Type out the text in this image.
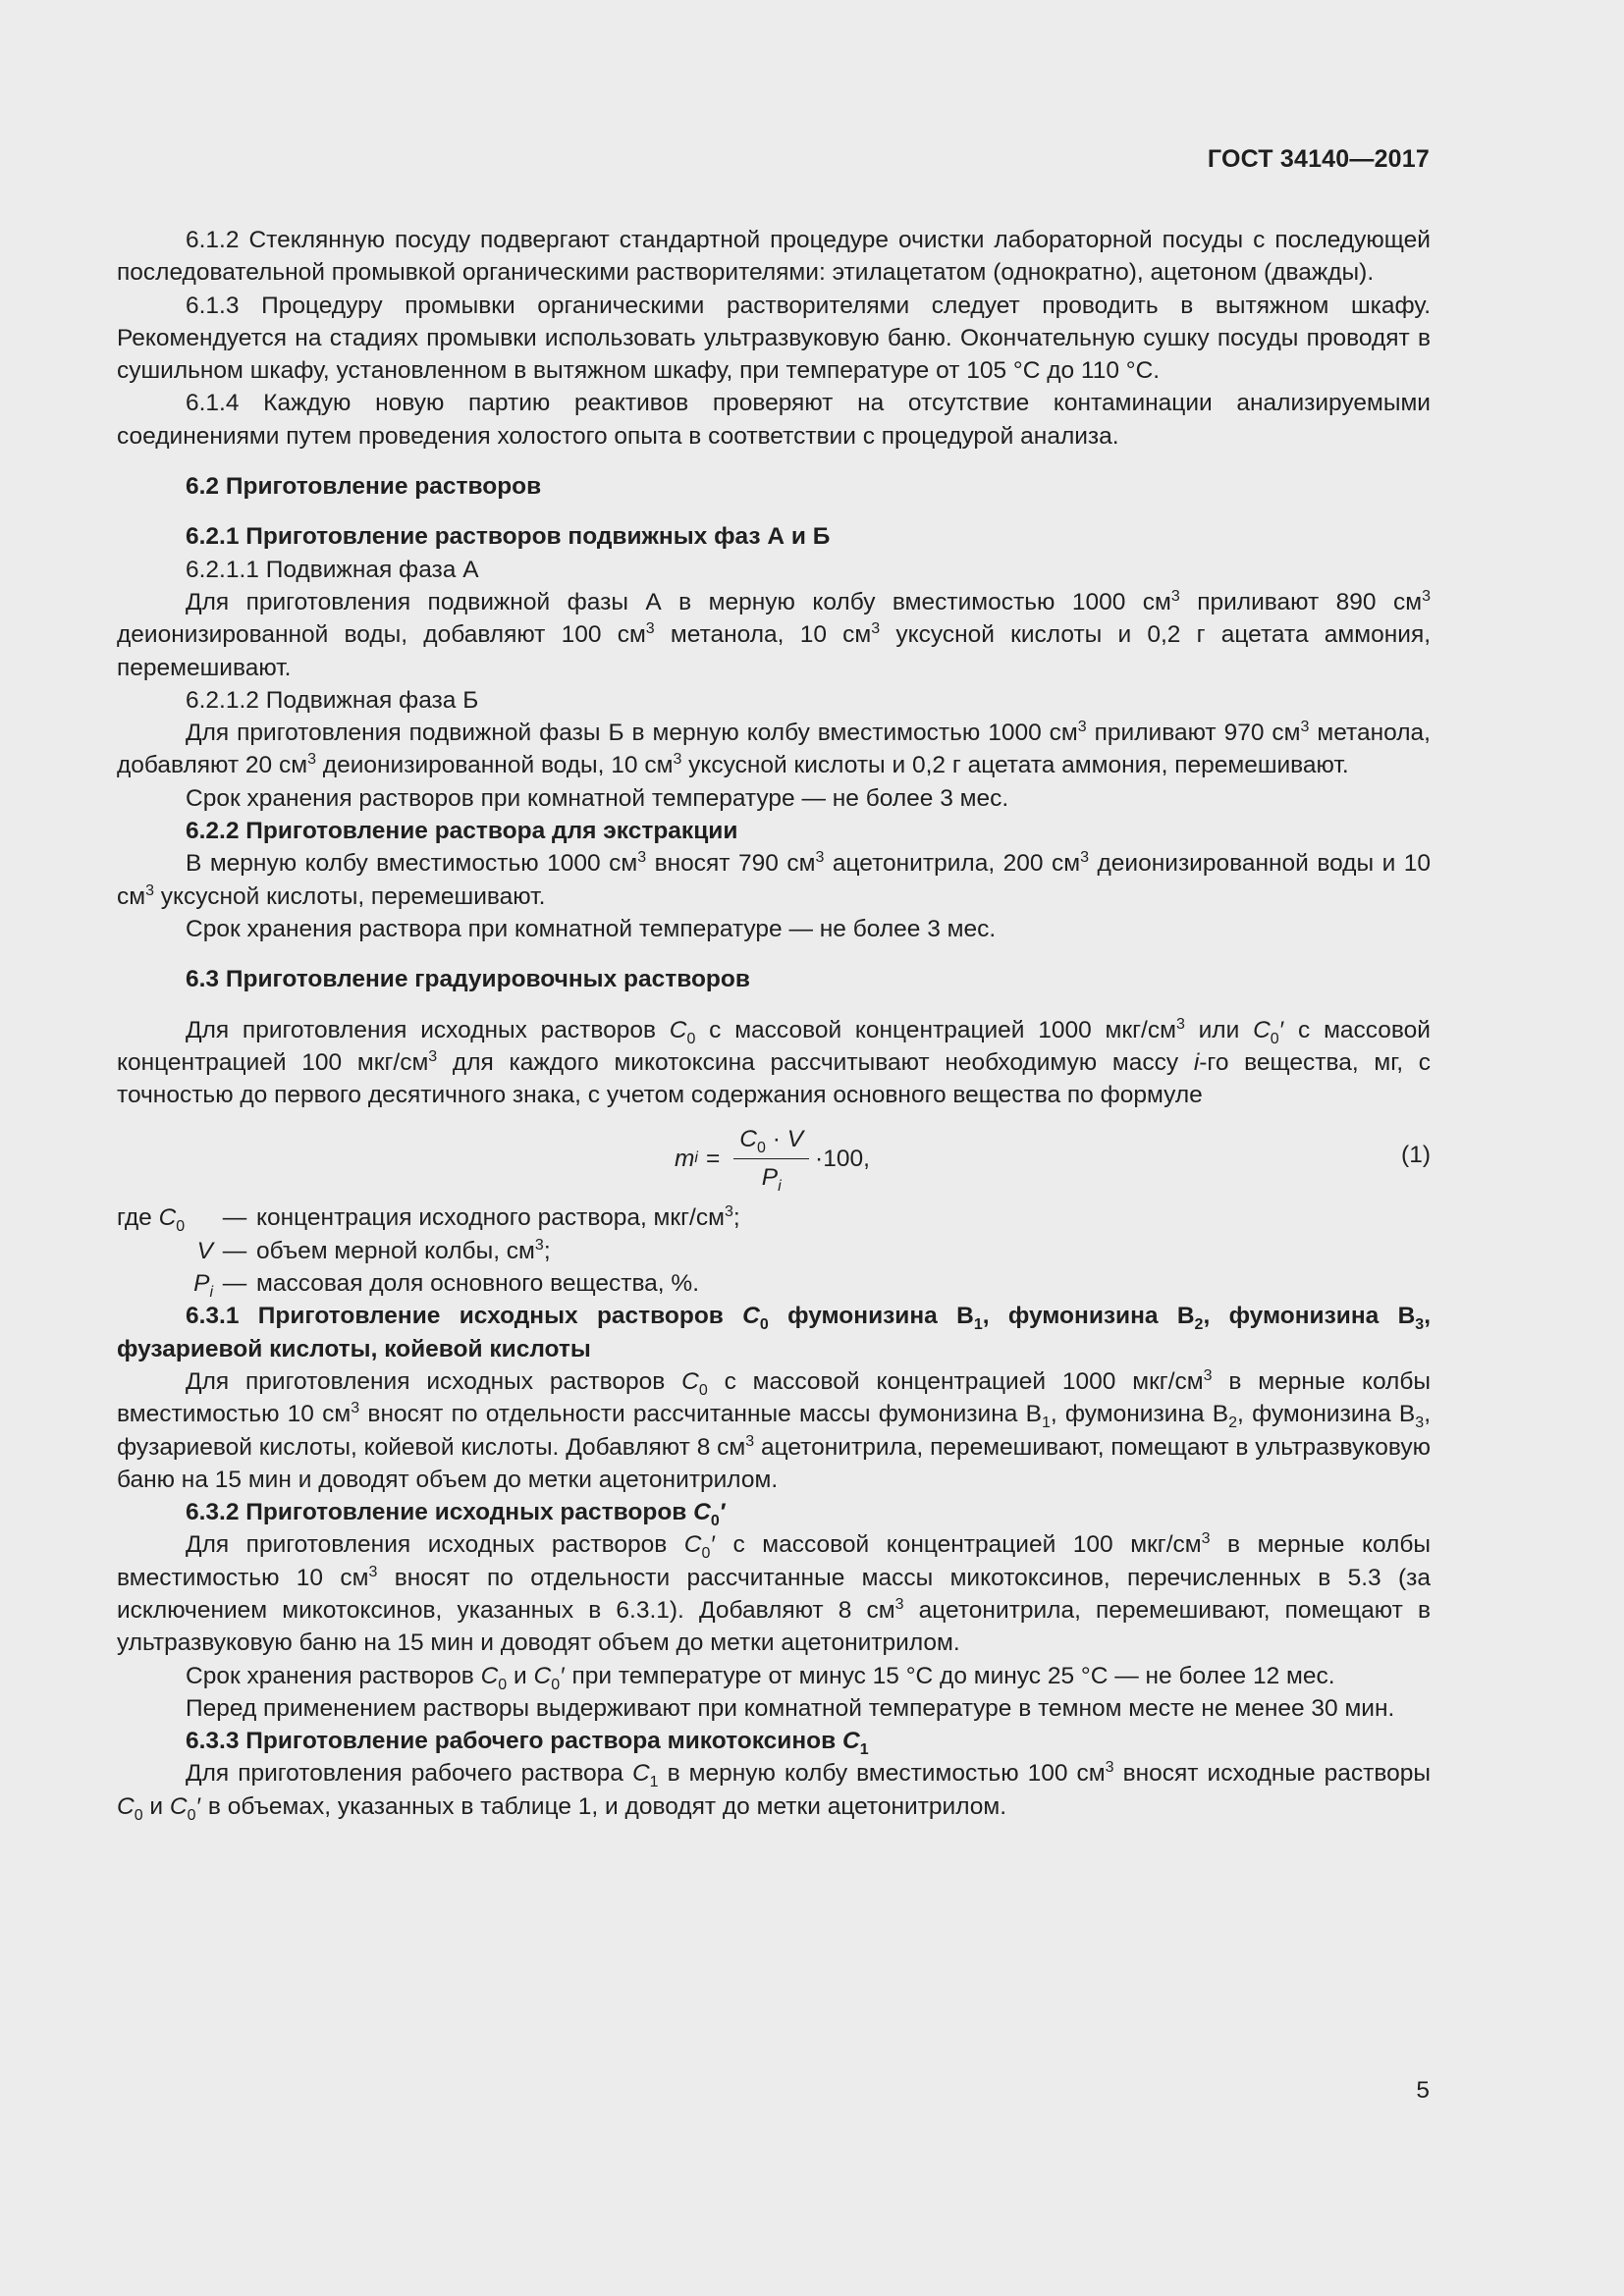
ГОСТ 34140—2017

6.1.2 Стеклянную посуду подвергают стандартной процедуре очистки лабораторной посуды с последующей последовательной промывкой органическими растворителями: этилацетатом (однократно), ацетоном (дважды).

6.1.3 Процедуру промывки органическими растворителями следует проводить в вытяжном шкафу. Рекомендуется на стадиях промывки использовать ультразвуковую баню. Окончательную сушку посуды проводят в сушильном шкафу, установленном в вытяжном шкафу, при температуре от 105 °C до 110 °C.

6.1.4 Каждую новую партию реактивов проверяют на отсутствие контаминации анализируемыми соединениями путем проведения холостого опыта в соответствии с процедурой анализа.

6.2 Приготовление растворов

6.2.1 Приготовление растворов подвижных фаз А и Б

6.2.1.1 Подвижная фаза А

Для приготовления подвижной фазы А в мерную колбу вместимостью 1000 $см^3$ приливают 890 $см^3$ деионизированной воды, добавляют 100 $см^3$ метанола, 10 $см^3$ уксусной кислоты и 0,2 г ацетата аммония, перемешивают.

6.2.1.2 Подвижная фаза Б

Для приготовления подвижной фазы Б в мерную колбу вместимостью 1000 $см^3$ приливают 970 $см^3$ метанола, добавляют 20 $см^3$ деионизированной воды, 10 $см^3$ уксусной кислоты и 0,2 г ацетата аммония, перемешивают.

Срок хранения растворов при комнатной температуре — не более 3 мес.

6.2.2 Приготовление раствора для экстракции

В мерную колбу вместимостью 1000 $см^3$ вносят 790 $см^3$ ацетонитрила, 200 $см^3$ деионизированной воды и 10 $см^3$ уксусной кислоты, перемешивают.

Срок хранения раствора при комнатной температуре — не более 3 мес.

6.3 Приготовление градуировочных растворов

Для приготовления исходных растворов $C_0$ с массовой концентрацией 1000 мкг/$см^3$ или $C_0'$ с массовой концентрацией 100 мкг/$см^3$ для каждого микотоксина рассчитывают необходимую массу i-го вещества, мг, с точностью до первого десятичного знака, с учетом содержания основного вещества по формуле

m $i = \frac{C_0 \cdot V}{P_i} \cdot 100$,	(1)

где $C_0$ — концентрация исходного раствора, мкг/$см^3$;

V — объем мерной колбы, $см^3$;

$P_i$ — массовая доля основного вещества, %.

6.3.1 Приготовление исходных растворов $C_0$ фумонизина $В_1$, фумонизина $В_2$, фумонизина $В_3$, фузариевой кислоты, койевой кислоты

Для приготовления исходных растворов $C_0$ с массовой концентрацией 1000 мкг/$см^3$ в мерные колбы вместимостью 10 $см^3$ вносят по отдельности рассчитанные массы фумонизина $В_1$, фумонизина $В_2$, фумонизина $В_3$, фузариевой кислоты, койевой кислоты. Добавляют 8 $см^3$ ацетонитрила, перемешивают, помещают в ультразвуковую баню на 15 мин и доводят объем до метки ацетонитрилом.

6.3.2 Приготовление исходных растворов $C_0'$

Для приготовления исходных растворов $C_0'$ с массовой концентрацией 100 мкг/$см^3$ в мерные колбы вместимостью 10 $см^3$ вносят по отдельности рассчитанные массы микотоксинов, перечисленных в 5.3 (за исключением микотоксинов, указанных в 6.3.1). Добавляют 8 $см^3$ ацетонитрила, перемешивают, помещают в ультразвуковую баню на 15 мин и доводят объем до метки ацетонитрилом.

Срок хранения растворов $C_0$ и $C_0'$ при температуре от минус 15 °C до минус 25 °C — не более 12 мес.

Перед применением растворы выдерживают при комнатной температуре в темном месте не менее 30 мин.

6.3.3 Приготовление рабочего раствора микотоксинов $C_1$

Для приготовления рабочего раствора $C_1$ в мерную колбу вместимостью 100 $см^3$ вносят исходные растворы $C_0$ и $C_0'$ в объемах, указанных в таблице 1, и доводят до метки ацетонитрилом.

5
